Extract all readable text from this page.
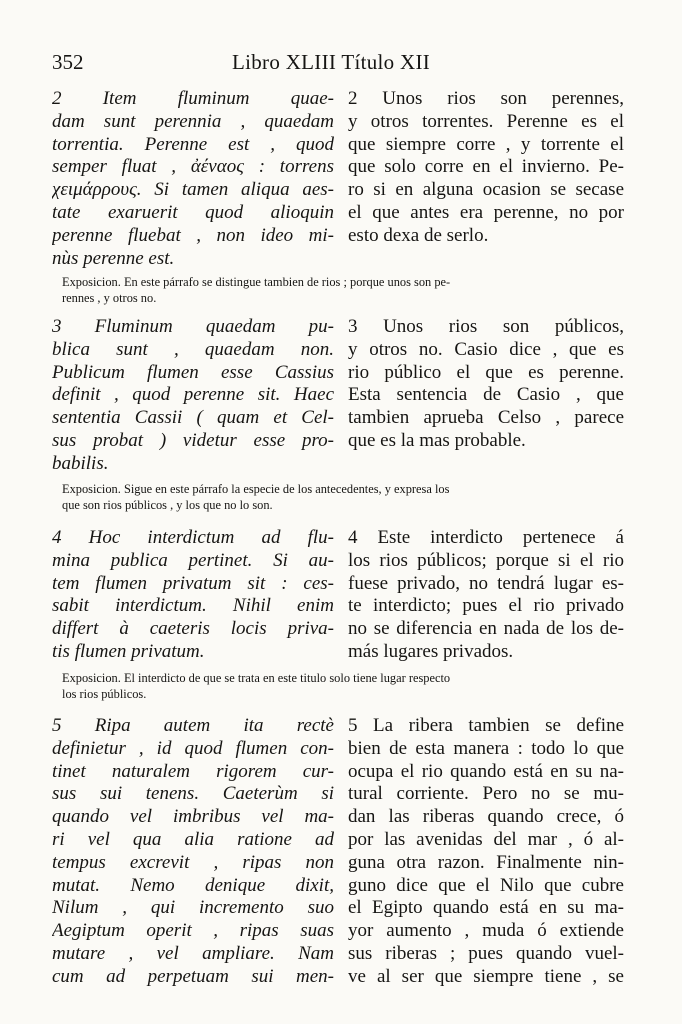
352	Libro XLIII Título XII

2 Item fluminum quae-
dam sunt perennia , quaedam
torrentia. Perenne est , quod
semper fluat , ἀέναος : torrens
χειμάρρους. Si tamen aliqua aes-
tate exaruerit quod alioquin
perenne fluebat , non ideo mi-
nùs perenne est.

2 Unos rios son perennes,
y otros torrentes. Perenne es el
que siempre corre , y torrente el
que solo corre en el invierno. Pe-
ro si en alguna ocasion se secase
el que antes era perenne, no por
esto dexa de serlo.

Exposicion. En este párrafo se distingue tambien de rios ; porque unos son pe-
rennes , y otros no.

3 Fluminum quaedam pu-
blica sunt , quaedam non.
Publicum flumen esse Cassius
definit , quod perenne sit. Haec
sententia Cassii ( quam et Cel-
sus probat ) videtur esse pro-
babilis.

3 Unos rios son públicos,
y otros no. Casio dice , que es
rio público el que es perenne.
Esta sentencia de Casio , que
tambien aprueba Celso , parece
que es la mas probable.

Exposicion. Sigue en este párrafo la especie de los antecedentes, y expresa los
que son rios públicos , y los que no lo son.

4 Hoc interdictum ad flu-
mina publica pertinet. Si au-
tem flumen privatum sit : ces-
sabit interdictum. Nihil enim
differt à caeteris locis priva-
tis flumen privatum.

4 Este interdicto pertenece á
los rios públicos; porque si el rio
fuese privado, no tendrá lugar es-
te interdicto; pues el rio privado
no se diferencia en nada de los de-
más lugares privados.

Exposicion. El interdicto de que se trata en este titulo solo tiene lugar respecto
los rios públicos.

5 Ripa autem ita rectè
definietur , id quod flumen con-
tinet naturalem rigorem cur-
sus sui tenens. Caeterùm si
quando vel imbribus vel ma-
ri vel qua alia ratione ad
tempus excrevit , ripas non
mutat. Nemo denique dixit,
Nilum , qui incremento suo
Aegiptum operit , ripas suas
mutare , vel ampliare. Nam
cum ad perpetuam sui men-

5 La ribera tambien se define
bien de esta manera : todo lo que
ocupa el rio quando está en su na-
tural corriente. Pero no se mu-
dan las riberas quando crece, ó
por las avenidas del mar , ó al-
guna otra razon. Finalmente nin-
guno dice que el Nilo que cubre
el Egipto quando está en su ma-
yor aumento , muda ó extiende
sus riberas ; pues quando vuel-
ve al ser que siempre tiene , se
